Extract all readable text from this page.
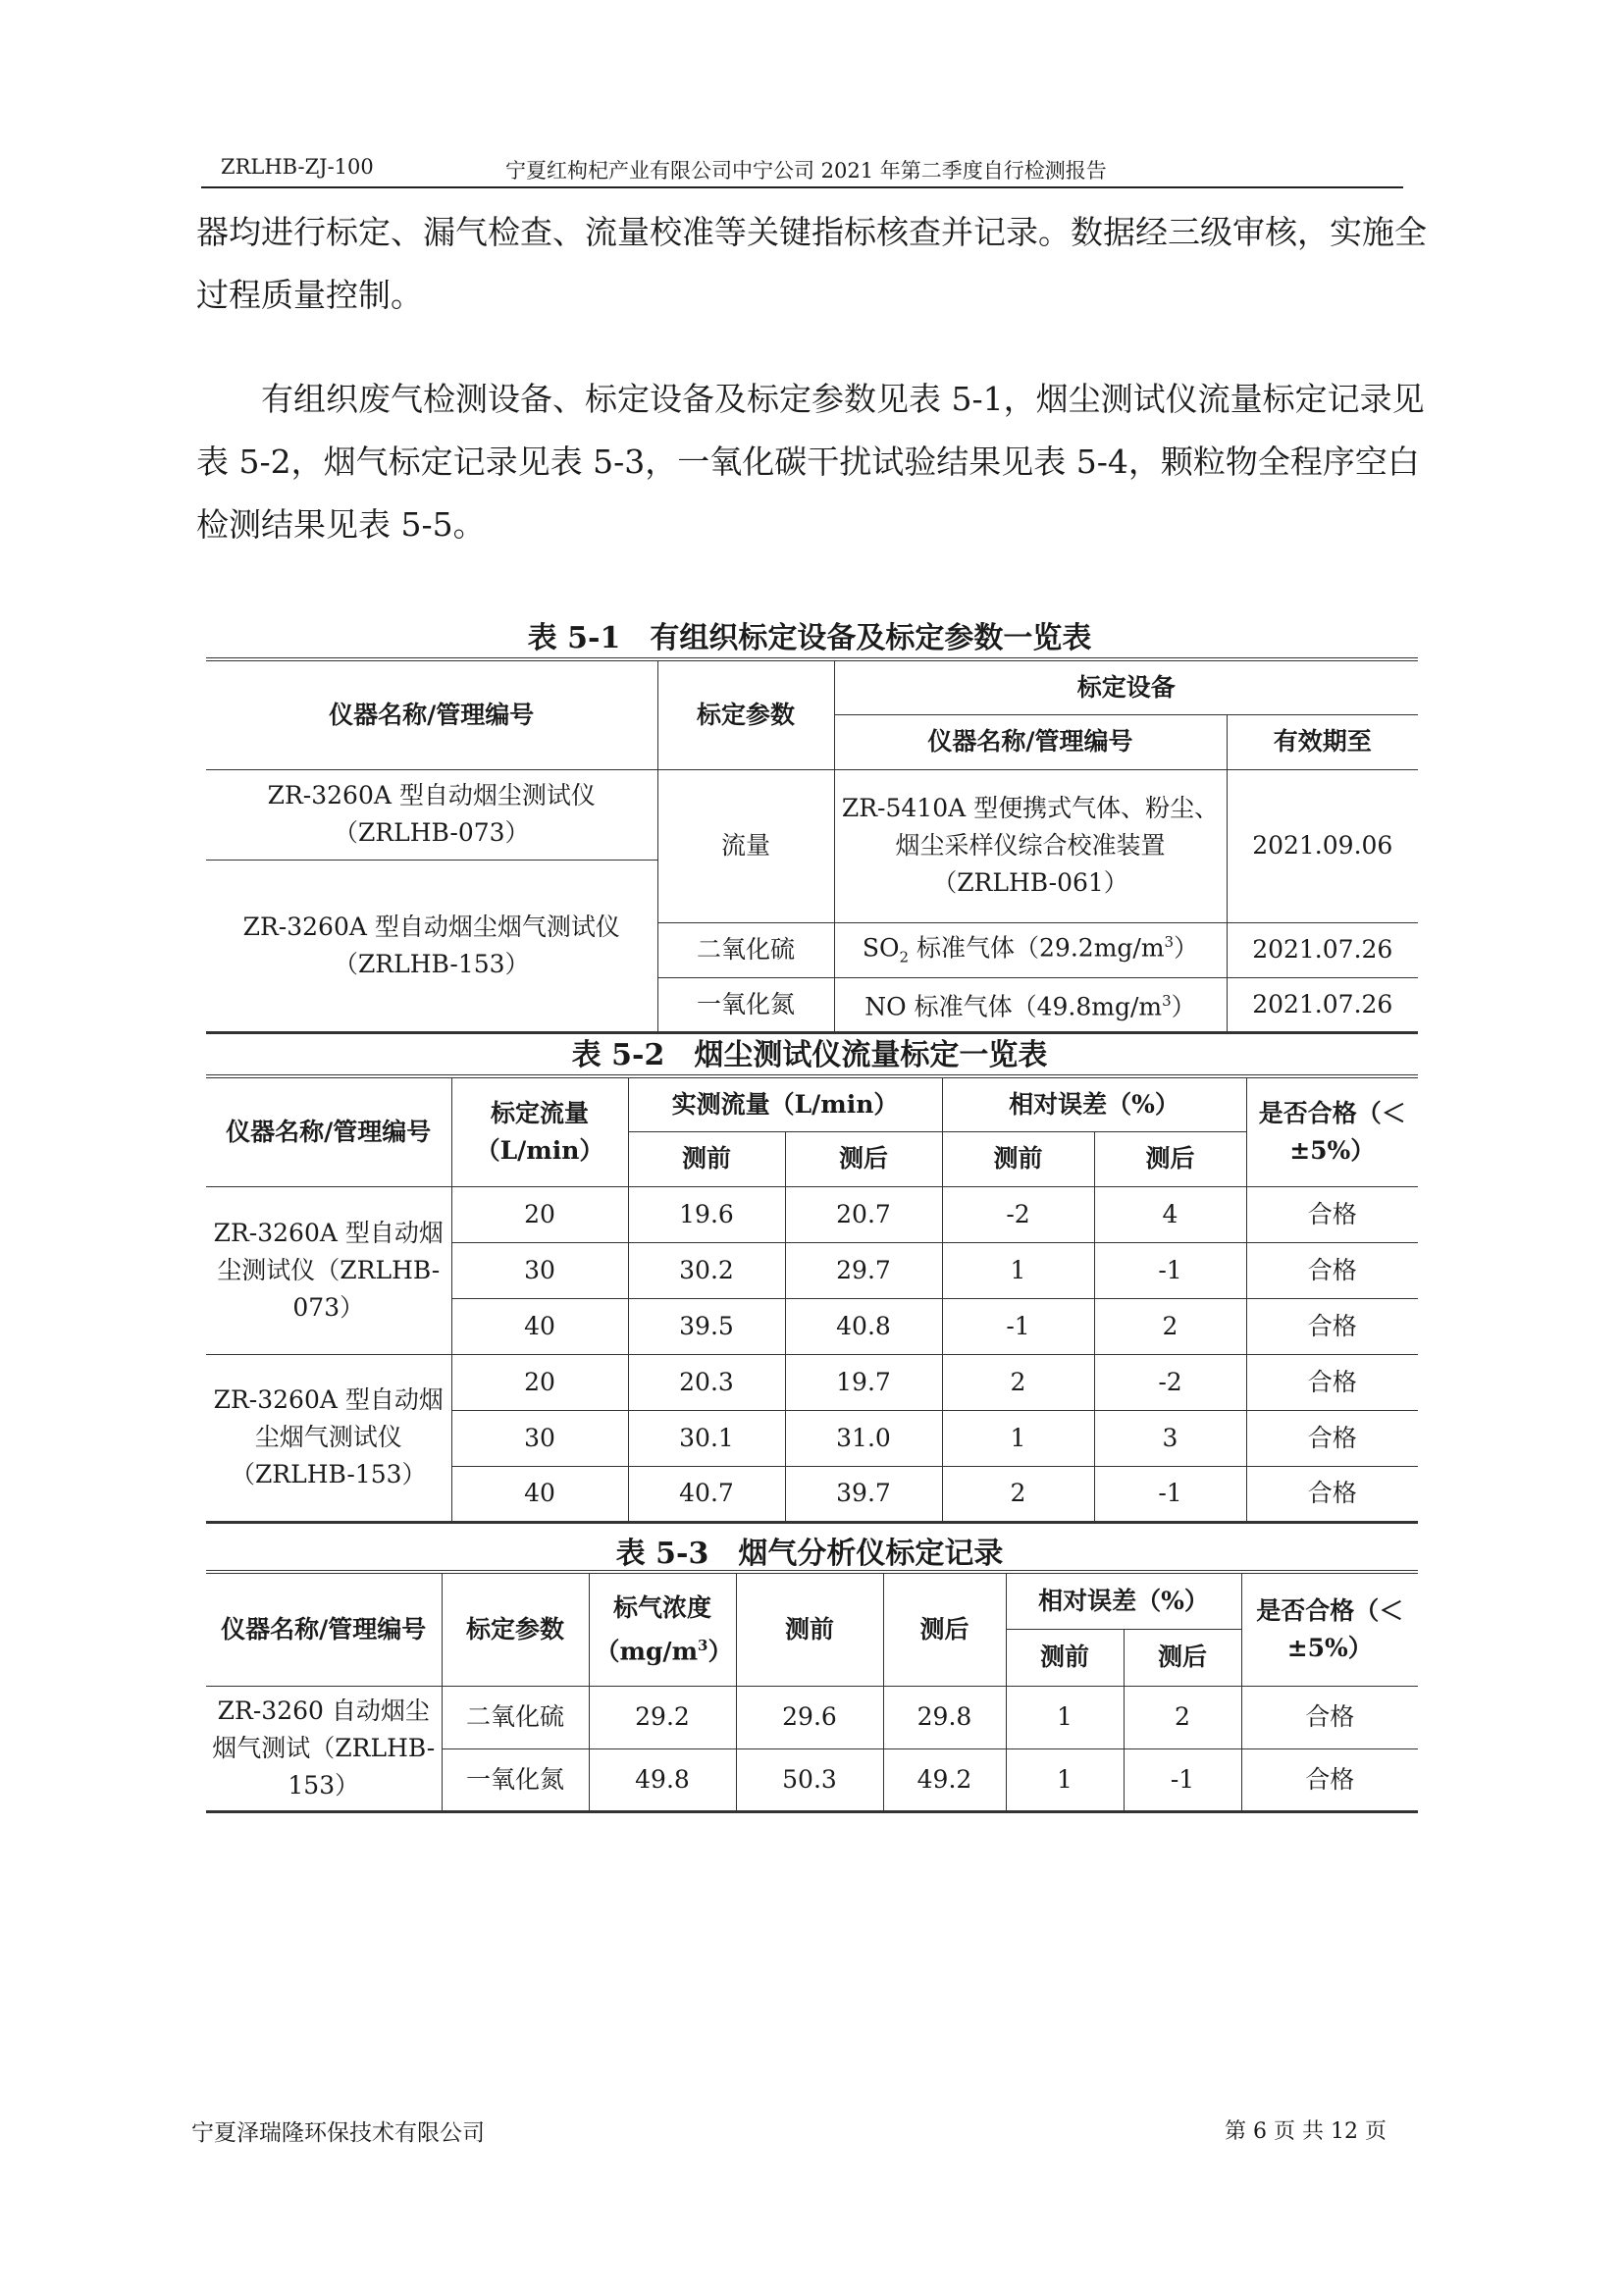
ZRLHB-ZJ-100	宁夏红枸杞产业有限公司中宁公司 2021 年第二季度自行检测报告

器均进行标定、漏气检查、流量校准等关键指标核查并记录。数据经三级审核，实施全过程质量控制。

有组织废气检测设备、标定设备及标定参数见表 5-1，烟尘测试仪流量标定记录见表 5-2，烟气标定记录见表 5-3，一氧化碳干扰试验结果见表 5-4，颗粒物全程序空白检测结果见表 5-5。

表 5-1　有组织标定设备及标定参数一览表
仪器名称/管理编号	标定参数	标定设备	
		仪器名称/管理编号	有效期至
ZR-3260A 型自动烟尘测试仪（ZRLHB-073）	流量	ZR-5410A 型便携式气体、粉尘、烟尘采样仪综合校准装置（ZRLHB-061）	2021.09.06
ZR-3260A 型自动烟尘烟气测试仪（ZRLHB-153）			
	二氧化硫	$SO_2$ 标准气体$(29.2mg/m^3)$	2021.07.26
	一氧化氮	NO 标准气体$(49.8mg/m^3)$	2021.07.26
表 5-2　烟尘测试仪流量标定一览表
仪器名称/管理编号	标定流量（L/min）	实测流量（L/min）		相对误差（%）		是否合格（＜±5%）
		测前	测后	测前	测后	
ZR-3260A 型自动烟尘测试仪（ZRLHB-073）	20	19.6	20.7	-2	4	合格
	30	30.2	29.7	1	-1	合格
	40	39.5	40.8	-1	2	合格
ZR-3260A 型自动烟尘烟气测试仪（ZRLHB-153）	20	20.3	19.7	2	-2	合格
	30	30.1	31.0	1	3	合格
	40	40.7	39.7	2	-1	合格
表 5-3　烟气分析仪标定记录
仪器名称/管理编号	标定参数	标气浓度$(mg/m^3)$	测前	测后	相对误差（%）		是否合格（＜±5%）
					测前	测后	
ZR-3260 自动烟尘烟气测试（ZRLHB-153）	二氧化硫	29.2	29.6	29.8	1	2	合格
	一氧化氮	49.8	50.3	49.2	1	-1	合格
宁夏泽瑞隆环保技术有限公司	第 6 页 共 12 页
